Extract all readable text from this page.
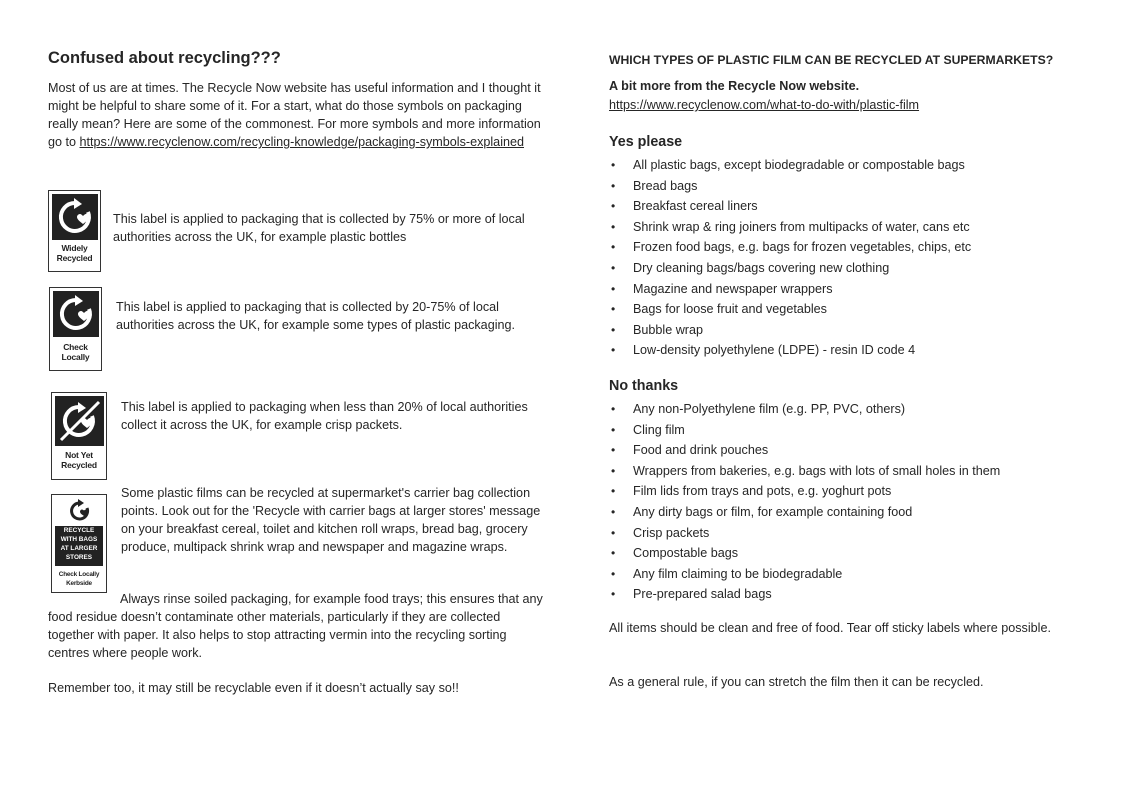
Confused about recycling???

Most of us are at times. The Recycle Now website has useful information and I thought it might be helpful to share some of it. For a start, what do those symbols on packaging really mean? Here are some of the commonest. For more symbols and more information go to https://www.recyclenow.com/recycling-knowledge/packaging-symbols-explained

Widely
Recycled

This label is applied to packaging that is collected by 75% or more of local authorities across the UK, for example plastic bottles

Check
Locally

This label is applied to packaging that is collected by 20-75% of local authorities across the UK, for example some types of plastic packaging.

Not Yet
Recycled

This label is applied to packaging when less than 20% of local authorities collect it across the UK, for example crisp packets.

RECYCLE
WITH BAGS
AT LARGER
STORES
Check Locally
Kerbside

Some plastic films can be recycled at supermarket's carrier bag collection points. Look out for the 'Recycle with carrier bags at larger stores' message on your breakfast cereal, toilet and kitchen roll wraps, bread bag, grocery produce, multipack shrink wrap and newspaper and magazine wraps.

Always rinse soiled packaging, for example food trays; this ensures that any food residue doesn’t contaminate other materials, particularly if they are collected together with paper. It also helps to stop attracting vermin into the recycling sorting centres where people work.

Remember too, it may still be recyclable even if it doesn’t actually say so!!

WHICH TYPES OF PLASTIC FILM CAN BE RECYCLED AT SUPERMARKETS?

A bit more from the Recycle Now website.

https://www.recyclenow.com/what-to-do-with/plastic-film

Yes please
• All plastic bags, except biodegradable or compostable bags
• Bread bags
• Breakfast cereal liners
• Shrink wrap & ring joiners from multipacks of water, cans etc
• Frozen food bags, e.g. bags for frozen vegetables, chips, etc
• Dry cleaning bags/bags covering new clothing
• Magazine and newspaper wrappers
• Bags for loose fruit and vegetables
• Bubble wrap
• Low-density polyethylene (LDPE) - resin ID code 4
No thanks
• Any non-Polyethylene film (e.g. PP, PVC, others)
• Cling film
• Food and drink pouches
• Wrappers from bakeries, e.g. bags with lots of small holes in them
• Film lids from trays and pots, e.g. yoghurt pots
• Any dirty bags or film, for example containing food
• Crisp packets
• Compostable bags
• Any film claiming to be biodegradable
• Pre-prepared salad bags

All items should be clean and free of food. Tear off sticky labels where possible.

As a general rule, if you can stretch the film then it can be recycled.
